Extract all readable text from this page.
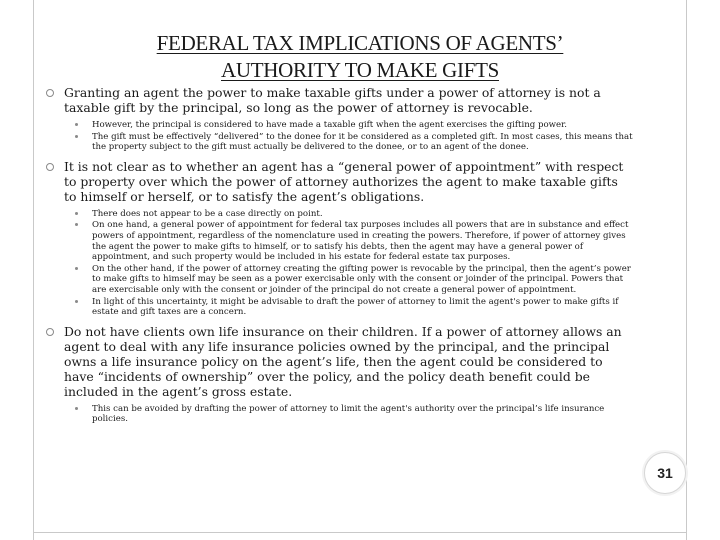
FEDERAL TAX IMPLICATIONS OF AGENTS’
AUTHORITY TO MAKE GIFTS
Granting an agent the power to make taxable gifts under a power of attorney is not a taxable gift by the principal, so long as the power of attorney is revocable.
However, the principal is considered to have made a taxable gift when the agent exercises the gifting power.
The gift must be effectively “delivered” to the donee for it be considered as a completed gift. In most cases, this means that the property subject to the gift must actually be delivered to the donee, or to an agent of the donee.
It is not clear as to whether an agent has a “general power of appointment” with respect to property over which the power of attorney authorizes the agent to make taxable gifts to himself or herself, or to satisfy the agent’s obligations.
There does not appear to be a case directly on point.
On one hand, a general power of appointment for federal tax purposes includes all powers that are in substance and effect powers of appointment, regardless of the nomenclature used in creating the powers. Therefore, if power of attorney gives the agent the power to make gifts to himself, or to satisfy his debts, then the agent may have a general power of appointment, and such property would be included in his estate for federal estate tax purposes.
On the other hand, if the power of attorney creating the gifting power is revocable by the principal, then the agent’s power to make gifts to himself may be seen as a power exercisable only with the consent or joinder of the principal. Powers that are exercisable only with the consent or joinder of the principal do not create a general power of appointment.
In light of this uncertainty, it might be advisable to draft the power of attorney to limit the agent's power to make gifts if estate and gift taxes are a concern.
Do not have clients own life insurance on their children. If a power of attorney allows an agent to deal with any life insurance policies owned by the principal, and the principal owns a life insurance policy on the agent’s life, then the agent could be considered to have “incidents of ownership” over the policy, and the policy death benefit could be included in the agent’s gross estate.
This can be avoided by drafting the power of attorney to limit the agent's authority over the principal’s life insurance policies.
31
